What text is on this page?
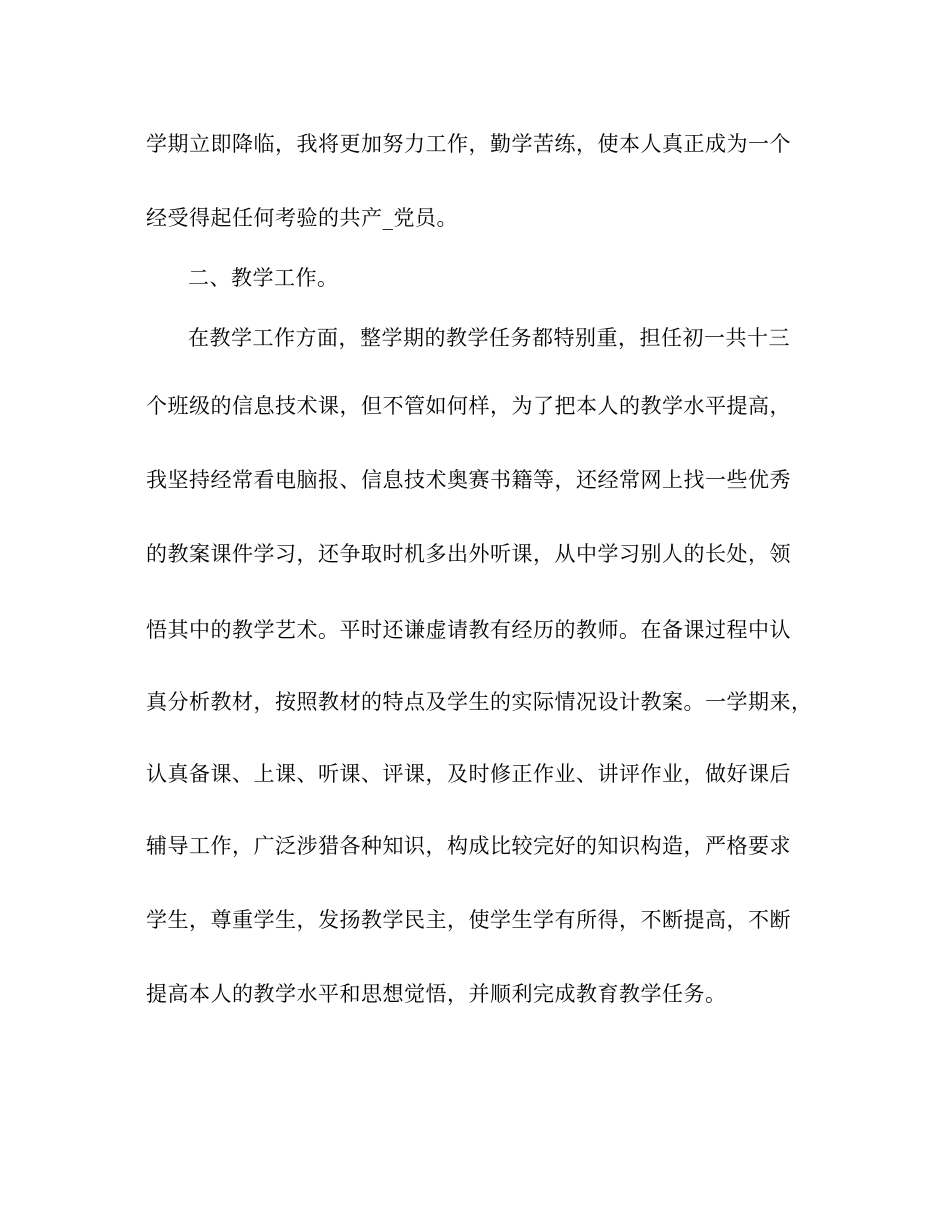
学期立即降临，我将更加努力工作，勤学苦练，使本人真正成为一个
经受得起任何考验的共产_党员。
二、教学工作。
在教学工作方面，整学期的教学任务都特别重，担任初一共十三
个班级的信息技术课，但不管如何样，为了把本人的教学水平提高，
我坚持经常看电脑报、信息技术奥赛书籍等，还经常网上找一些优秀
的教案课件学习，还争取时机多出外听课，从中学习别人的长处，领
悟其中的教学艺术。平时还谦虚请教有经历的教师。在备课过程中认
真分析教材，按照教材的特点及学生的实际情况设计教案。一学期来，
认真备课、上课、听课、评课，及时修正作业、讲评作业，做好课后
辅导工作，广泛涉猎各种知识，构成比较完好的知识构造，严格要求
学生，尊重学生，发扬教学民主，使学生学有所得，不断提高，不断
提高本人的教学水平和思想觉悟，并顺利完成教育教学任务。
